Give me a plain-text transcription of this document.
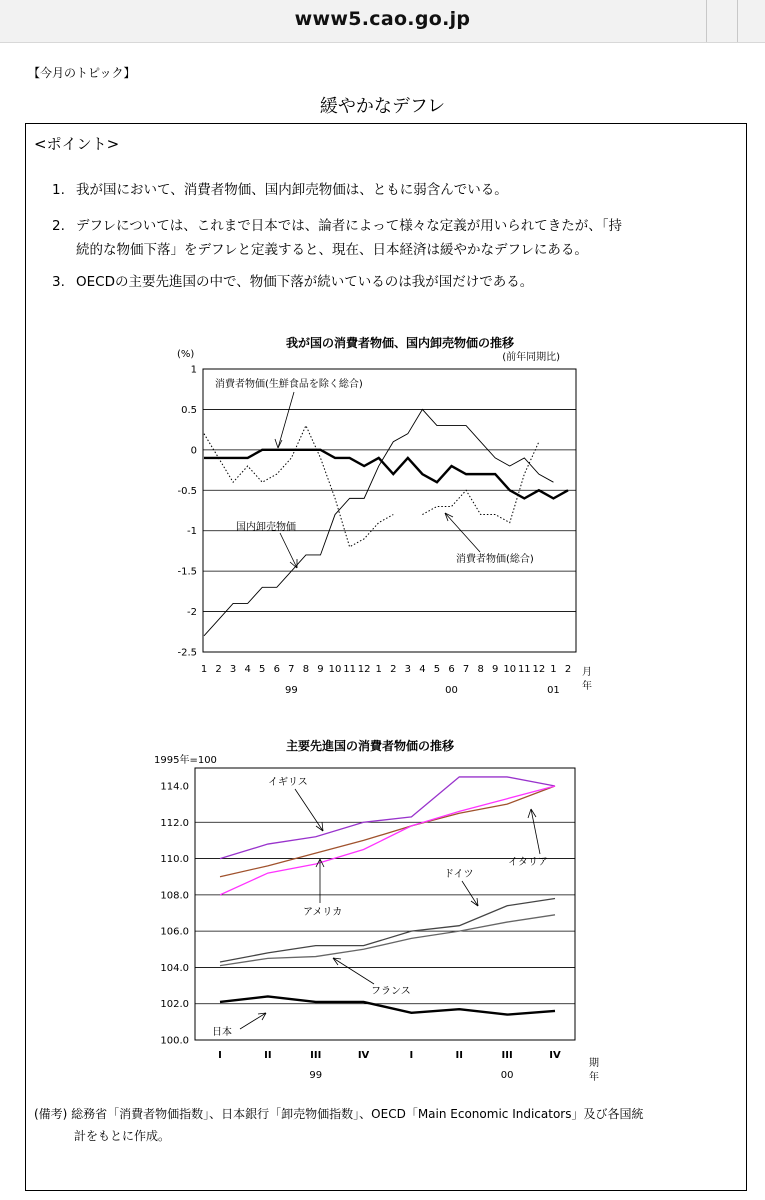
www5.cao.go.jp
【今月のトピック】
緩やかなデフレ
<ポイント>
1. 我が国において、消費者物価、国内卸売物価は、ともに弱含んでいる。
2. デフレについては、これまで日本では、論者によって様々な定義が用いられてきたが、「持
続的な物価下落」をデフレと定義すると、現在、日本経済は緩やかなデフレにある。
3. OECDの主要先進国の中で、物価下落が続いているのは我が国だけである。
我が国の消費者物価、国内卸売物価の推移
(前年同期比)
(%)
1
0.5
0
-0.5
-1
-1.5
-2
-2.5
1 2 3 4 5 6 7 8 9 10 11 12 1 2 3 4 5 6 7 8 9 10 11 12 1 2
99	00	01
月
年
消費者物価(生鮮食品を除く総合)
国内卸売物価
消費者物価(総合)
主要先進国の消費者物価の推移
1995年=100
114.0
112.0
110.0
108.0
106.0
104.0
102.0
100.0
I	II	III	IV	I	II	III	IV
99	00
期
年
イギリス
イタリア
アメリカ
ドイツ
フランス
日本
(備考) 総務省「消費者物価指数」、日本銀行「卸売物価指数」、OECD「Main Economic Indicators」及び各国統
計をもとに作成。
